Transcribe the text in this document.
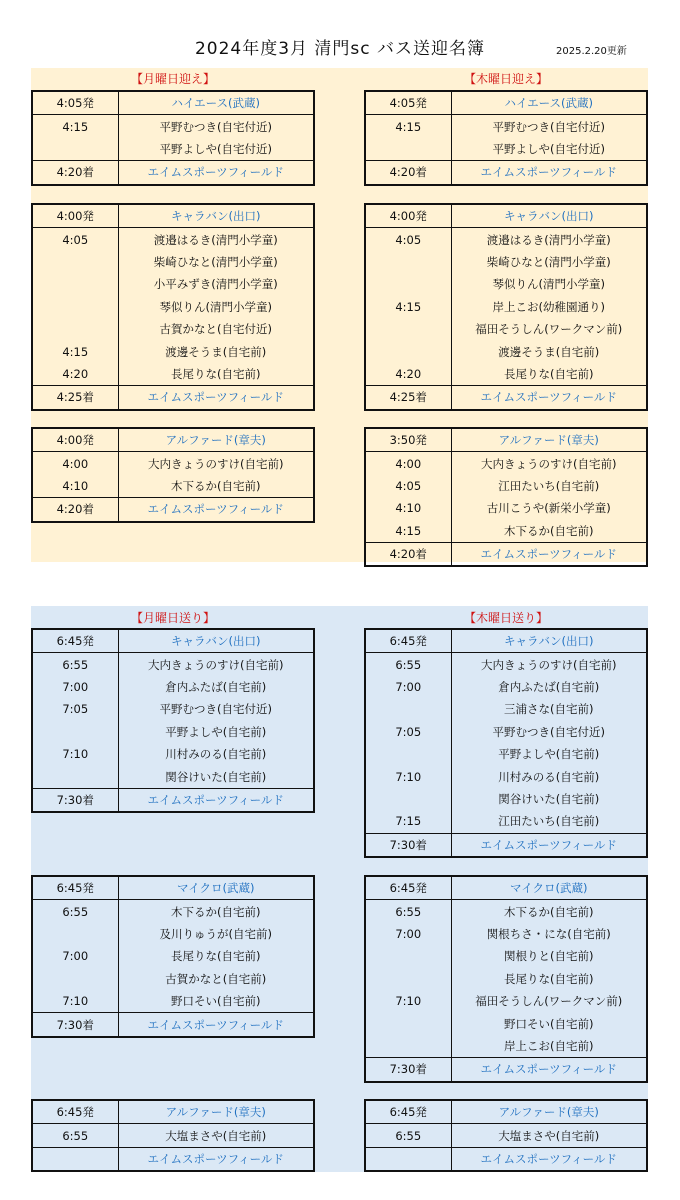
2024年度3月 清門sc バス送迎名簿	2025.2.20更新
【月曜日迎え】	【木曜日迎え】
【月曜日送り】	【木曜日送り】
4:05発	ハイエース(武蔵)
4:15	平野むつき(自宅付近)
	平野よしや(自宅付近)
4:20着	エイムスポーツフィールド
4:05発	ハイエース(武蔵)
4:15	平野むつき(自宅付近)
	平野よしや(自宅付近)
4:20着	エイムスポーツフィールド
4:00発	キャラバン(出口)
4:05	渡邉はるき(清門小学童)
	柴崎ひなと(清門小学童)
	小平みずき(清門小学童)
	琴似りん(清門小学童)
	古賀かなと(自宅付近)
4:15	渡邊そうま(自宅前)
4:20	長尾りな(自宅前)
4:25着	エイムスポーツフィールド
4:00発	キャラバン(出口)
4:05	渡邉はるき(清門小学童)
	柴崎ひなと(清門小学童)
	琴似りん(清門小学童)
4:15	岸上こお(幼稚園通り)
	福田そうしん(ワークマン前)
	渡邊そうま(自宅前)
4:20	長尾りな(自宅前)
4:25着	エイムスポーツフィールド
4:00発	アルファード(章夫)
4:00	大内きょうのすけ(自宅前)
4:10	木下るか(自宅前)
4:20着	エイムスポーツフィールド
3:50発	アルファード(章夫)
4:00	大内きょうのすけ(自宅前)
4:05	江田たいち(自宅前)
4:10	古川こうや(新栄小学童)
4:15	木下るか(自宅前)
4:20着	エイムスポーツフィールド
6:45発	キャラバン(出口)
6:55	大内きょうのすけ(自宅前)
7:00	倉内ふたば(自宅前)
7:05	平野むつき(自宅付近)
	平野よしや(自宅前)
7:10	川村みのる(自宅前)
	関谷けいた(自宅前)
7:30着	エイムスポーツフィールド
6:45発	キャラバン(出口)
6:55	大内きょうのすけ(自宅前)
7:00	倉内ふたば(自宅前)
	三浦さな(自宅前)
7:05	平野むつき(自宅付近)
	平野よしや(自宅前)
7:10	川村みのる(自宅前)
	関谷けいた(自宅前)
7:15	江田たいち(自宅前)
7:30着	エイムスポーツフィールド
6:45発	マイクロ(武蔵)
6:55	木下るか(自宅前)
	及川りゅうが(自宅前)
7:00	長尾りな(自宅前)
	古賀かなと(自宅前)
7:10	野口そい(自宅前)
7:30着	エイムスポーツフィールド
6:45発	マイクロ(武蔵)
6:55	木下るか(自宅前)
7:00	関根ちさ・にな(自宅前)
	関根りと(自宅前)
	長尾りな(自宅前)
7:10	福田そうしん(ワークマン前)
	野口そい(自宅前)
	岸上こお(自宅前)
7:30着	エイムスポーツフィールド
6:45発	アルファード(章夫)
6:55	大塩まさや(自宅前)
	エイムスポーツフィールド
6:45発	アルファード(章夫)
6:55	大塩まさや(自宅前)
	エイムスポーツフィールド
